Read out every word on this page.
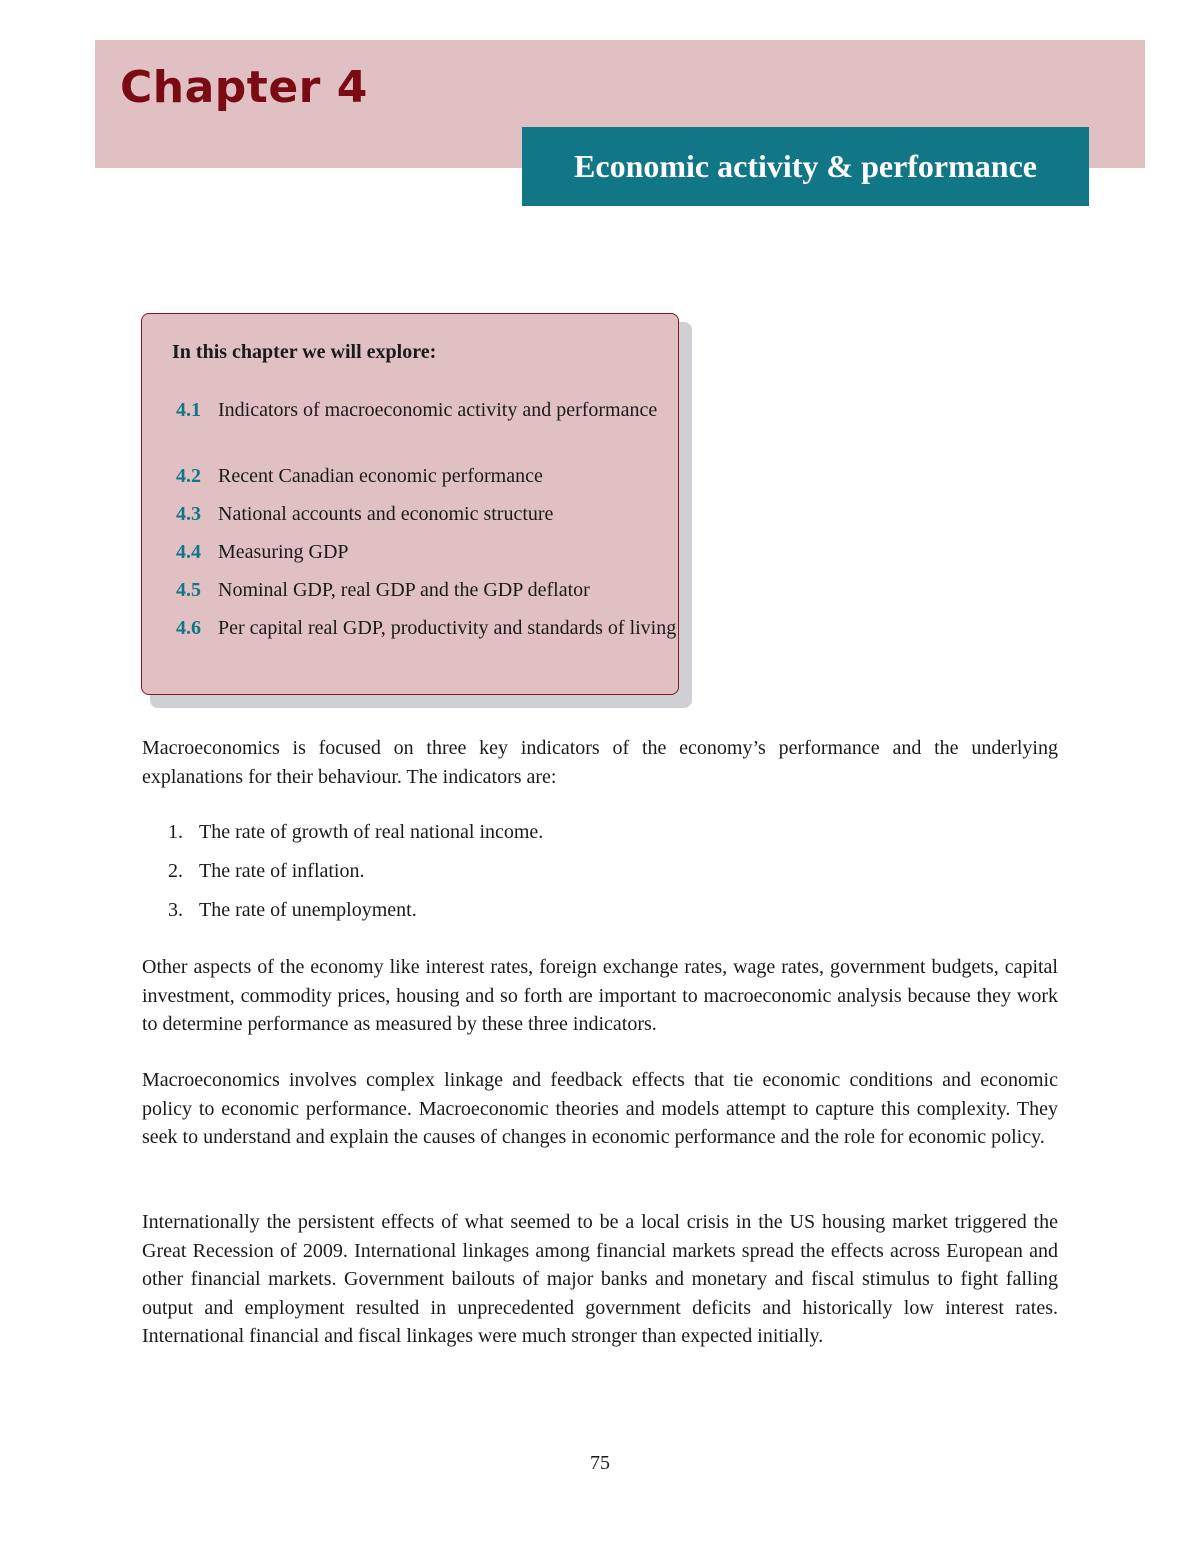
Chapter 4
Economic activity & performance
In this chapter we will explore:
4.1 Indicators of macroeconomic activity and performance
4.2 Recent Canadian economic performance
4.3 National accounts and economic structure
4.4 Measuring GDP
4.5 Nominal GDP, real GDP and the GDP deflator
4.6 Per capital real GDP, productivity and standards of living

Macroeconomics is focused on three key indicators of the economy’s performance and the underlying explanations for their behaviour. The indicators are:

1. The rate of growth of real national income.
2. The rate of inflation.
3. The rate of unemployment.

Other aspects of the economy like interest rates, foreign exchange rates, wage rates, government budgets, capital investment, commodity prices, housing and so forth are important to macroeconomic analysis because they work to determine performance as measured by these three indicators.

Macroeconomics involves complex linkage and feedback effects that tie economic conditions and economic policy to economic performance. Macroeconomic theories and models attempt to capture this complexity. They seek to understand and explain the causes of changes in economic performance and the role for economic policy.

Internationally the persistent effects of what seemed to be a local crisis in the US housing market triggered the Great Recession of 2009. International linkages among financial markets spread the effects across European and other financial markets. Government bailouts of major banks and monetary and fiscal stimulus to fight falling output and employment resulted in unprecedented government deficits and historically low interest rates. International financial and fiscal linkages were much stronger than expected initially.

75
